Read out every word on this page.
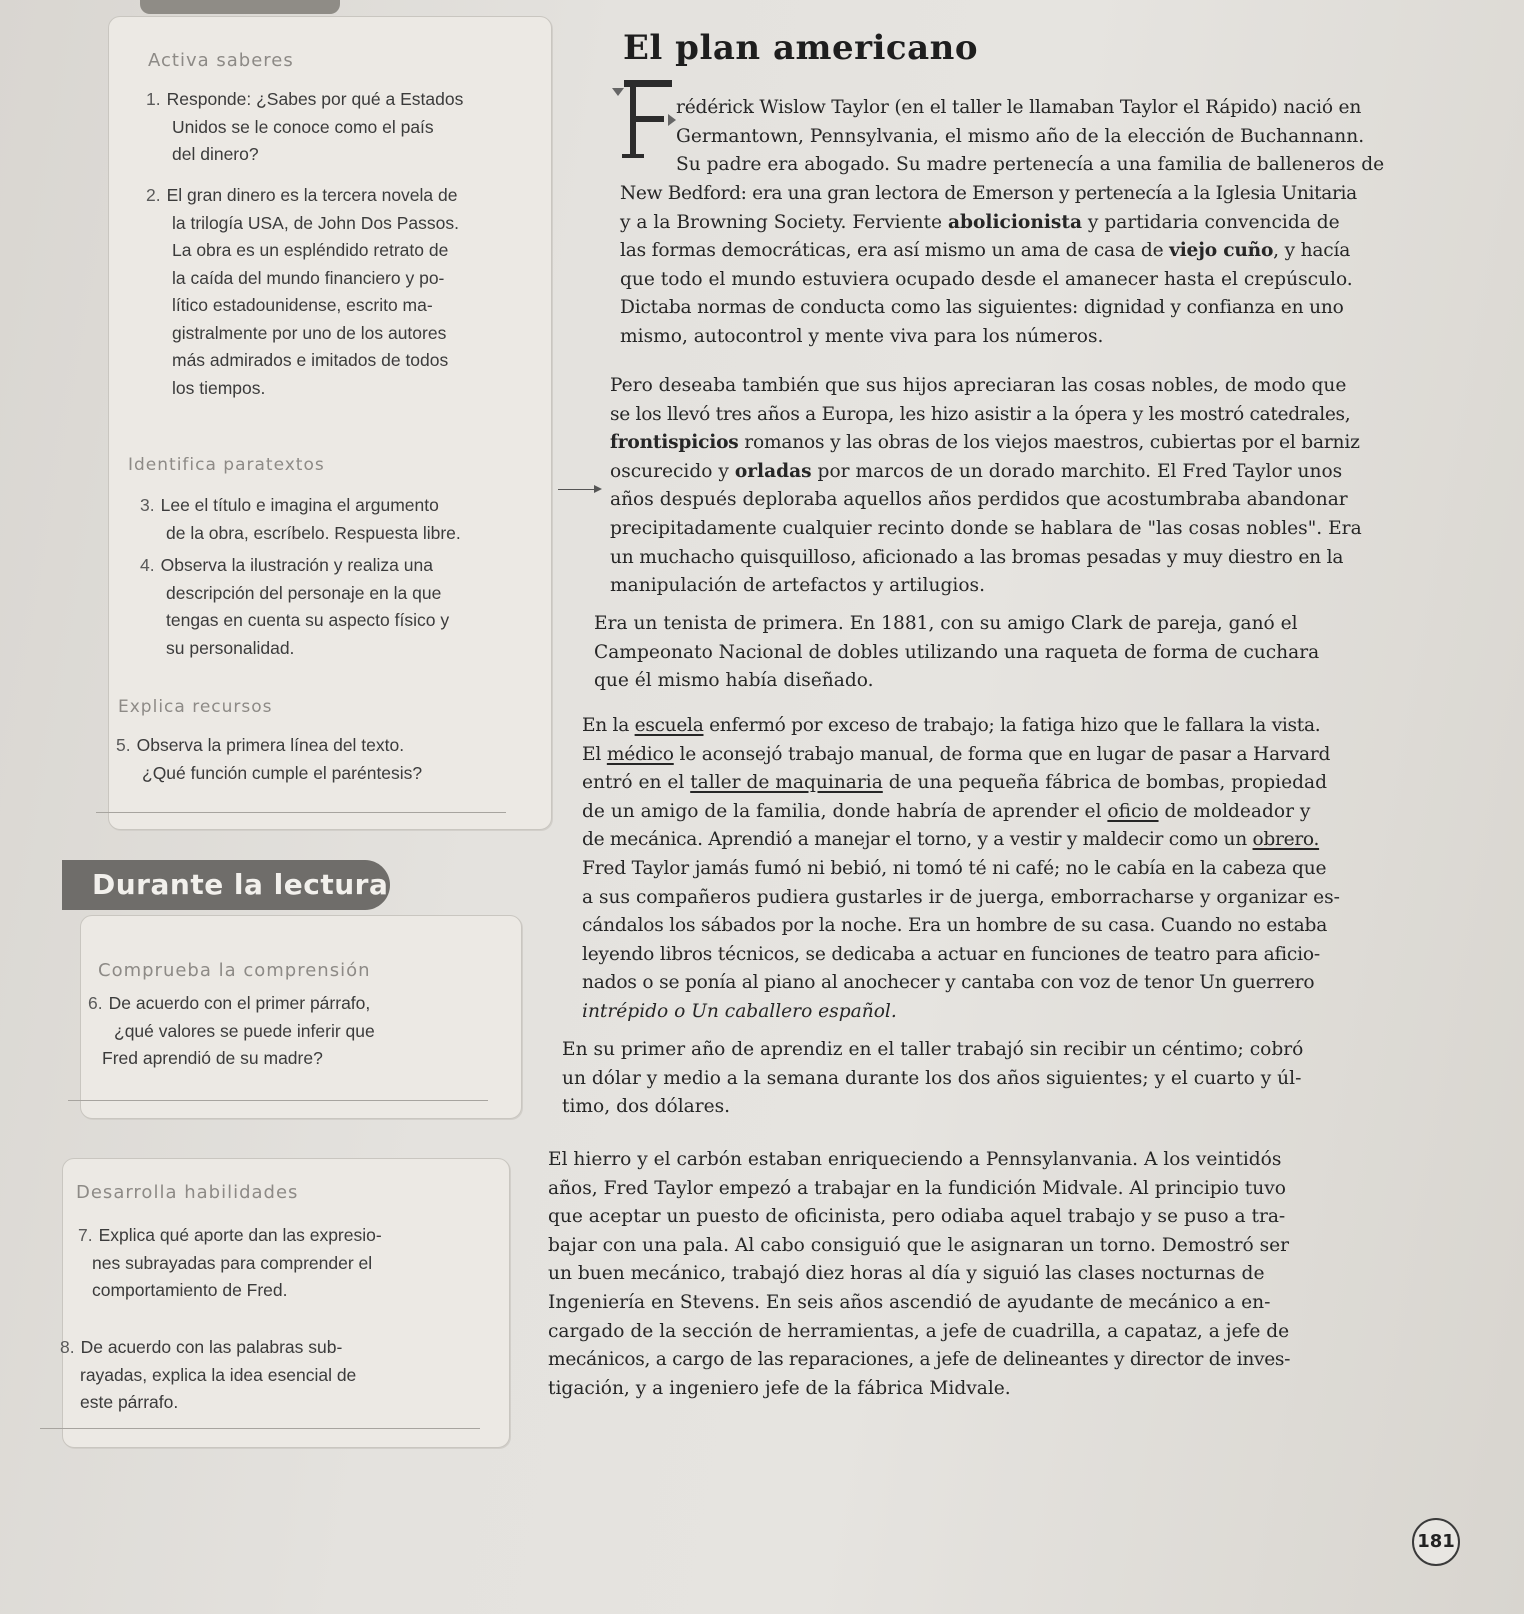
Activa saberes
1. Responde: ¿Sabes por qué a Estados
Unidos se le conoce como el país
del dinero?
2. El gran dinero es la tercera novela de
la trilogía USA, de John Dos Passos.
La obra es un espléndido retrato de
la caída del mundo financiero y po-
lítico estadounidense, escrito ma-
gistralmente por uno de los autores
más admirados e imitados de todos
los tiempos.
Identifica paratextos
3. Lee el título e imagina el argumento
de la obra, escríbelo. Respuesta libre.
4. Observa la ilustración y realiza una
descripción del personaje en la que
tengas en cuenta su aspecto físico y
su personalidad.
Explica recursos
5. Observa la primera línea del texto.
¿Qué función cumple el paréntesis?
Durante la lectura
Comprueba la comprensión
6. De acuerdo con el primer párrafo,
¿qué valores se puede inferir que
Fred aprendió de su madre?
Desarrolla habilidades
7. Explica qué aporte dan las expresio-
nes subrayadas para comprender el
comportamiento de Fred.
8. De acuerdo con las palabras sub-
rayadas, explica la idea esencial de
este párrafo.
El plan americano
rédérick Wislow Taylor (en el taller le llamaban Taylor el Rápido) nació en
Germantown, Pennsylvania, el mismo año de la elección de Buchannann.
Su padre era abogado. Su madre pertenecía a una familia de balleneros de
New Bedford: era una gran lectora de Emerson y pertenecía a la Iglesia Unitaria
y a la Browning Society. Ferviente abolicionista y partidaria convencida de
las formas democráticas, era así mismo un ama de casa de viejo cuño, y hacía
que todo el mundo estuviera ocupado desde el amanecer hasta el crepúsculo.
Dictaba normas de conducta como las siguientes: dignidad y confianza en uno
mismo, autocontrol y mente viva para los números.
Pero deseaba también que sus hijos apreciaran las cosas nobles, de modo que
se los llevó tres años a Europa, les hizo asistir a la ópera y les mostró catedrales,
frontispicios romanos y las obras de los viejos maestros, cubiertas por el barniz
oscurecido y orladas por marcos de un dorado marchito. El Fred Taylor unos
años después deploraba aquellos años perdidos que acostumbraba abandonar
precipitadamente cualquier recinto donde se hablara de "las cosas nobles". Era
un muchacho quisquilloso, aficionado a las bromas pesadas y muy diestro en la
manipulación de artefactos y artilugios.
Era un tenista de primera. En 1881, con su amigo Clark de pareja, ganó el
Campeonato Nacional de dobles utilizando una raqueta de forma de cuchara
que él mismo había diseñado.
En la escuela enfermó por exceso de trabajo; la fatiga hizo que le fallara la vista.
El médico le aconsejó trabajo manual, de forma que en lugar de pasar a Harvard
entró en el taller de maquinaria de una pequeña fábrica de bombas, propiedad
de un amigo de la familia, donde habría de aprender el oficio de moldeador y
de mecánica. Aprendió a manejar el torno, y a vestir y maldecir como un obrero.
Fred Taylor jamás fumó ni bebió, ni tomó té ni café; no le cabía en la cabeza que
a sus compañeros pudiera gustarles ir de juerga, emborracharse y organizar es-
cándalos los sábados por la noche. Era un hombre de su casa. Cuando no estaba
leyendo libros técnicos, se dedicaba a actuar en funciones de teatro para aficio-
nados o se ponía al piano al anochecer y cantaba con voz de tenor Un guerrero
intrépido o Un caballero español.
En su primer año de aprendiz en el taller trabajó sin recibir un céntimo; cobró
un dólar y medio a la semana durante los dos años siguientes; y el cuarto y úl-
timo, dos dólares.
El hierro y el carbón estaban enriqueciendo a Pennsylanvania. A los veintidós
años, Fred Taylor empezó a trabajar en la fundición Midvale. Al principio tuvo
que aceptar un puesto de oficinista, pero odiaba aquel trabajo y se puso a tra-
bajar con una pala. Al cabo consiguió que le asignaran un torno. Demostró ser
un buen mecánico, trabajó diez horas al día y siguió las clases nocturnas de
Ingeniería en Stevens. En seis años ascendió de ayudante de mecánico a en-
cargado de la sección de herramientas, a jefe de cuadrilla, a capataz, a jefe de
mecánicos, a cargo de las reparaciones, a jefe de delineantes y director de inves-
tigación, y a ingeniero jefe de la fábrica Midvale.
181
